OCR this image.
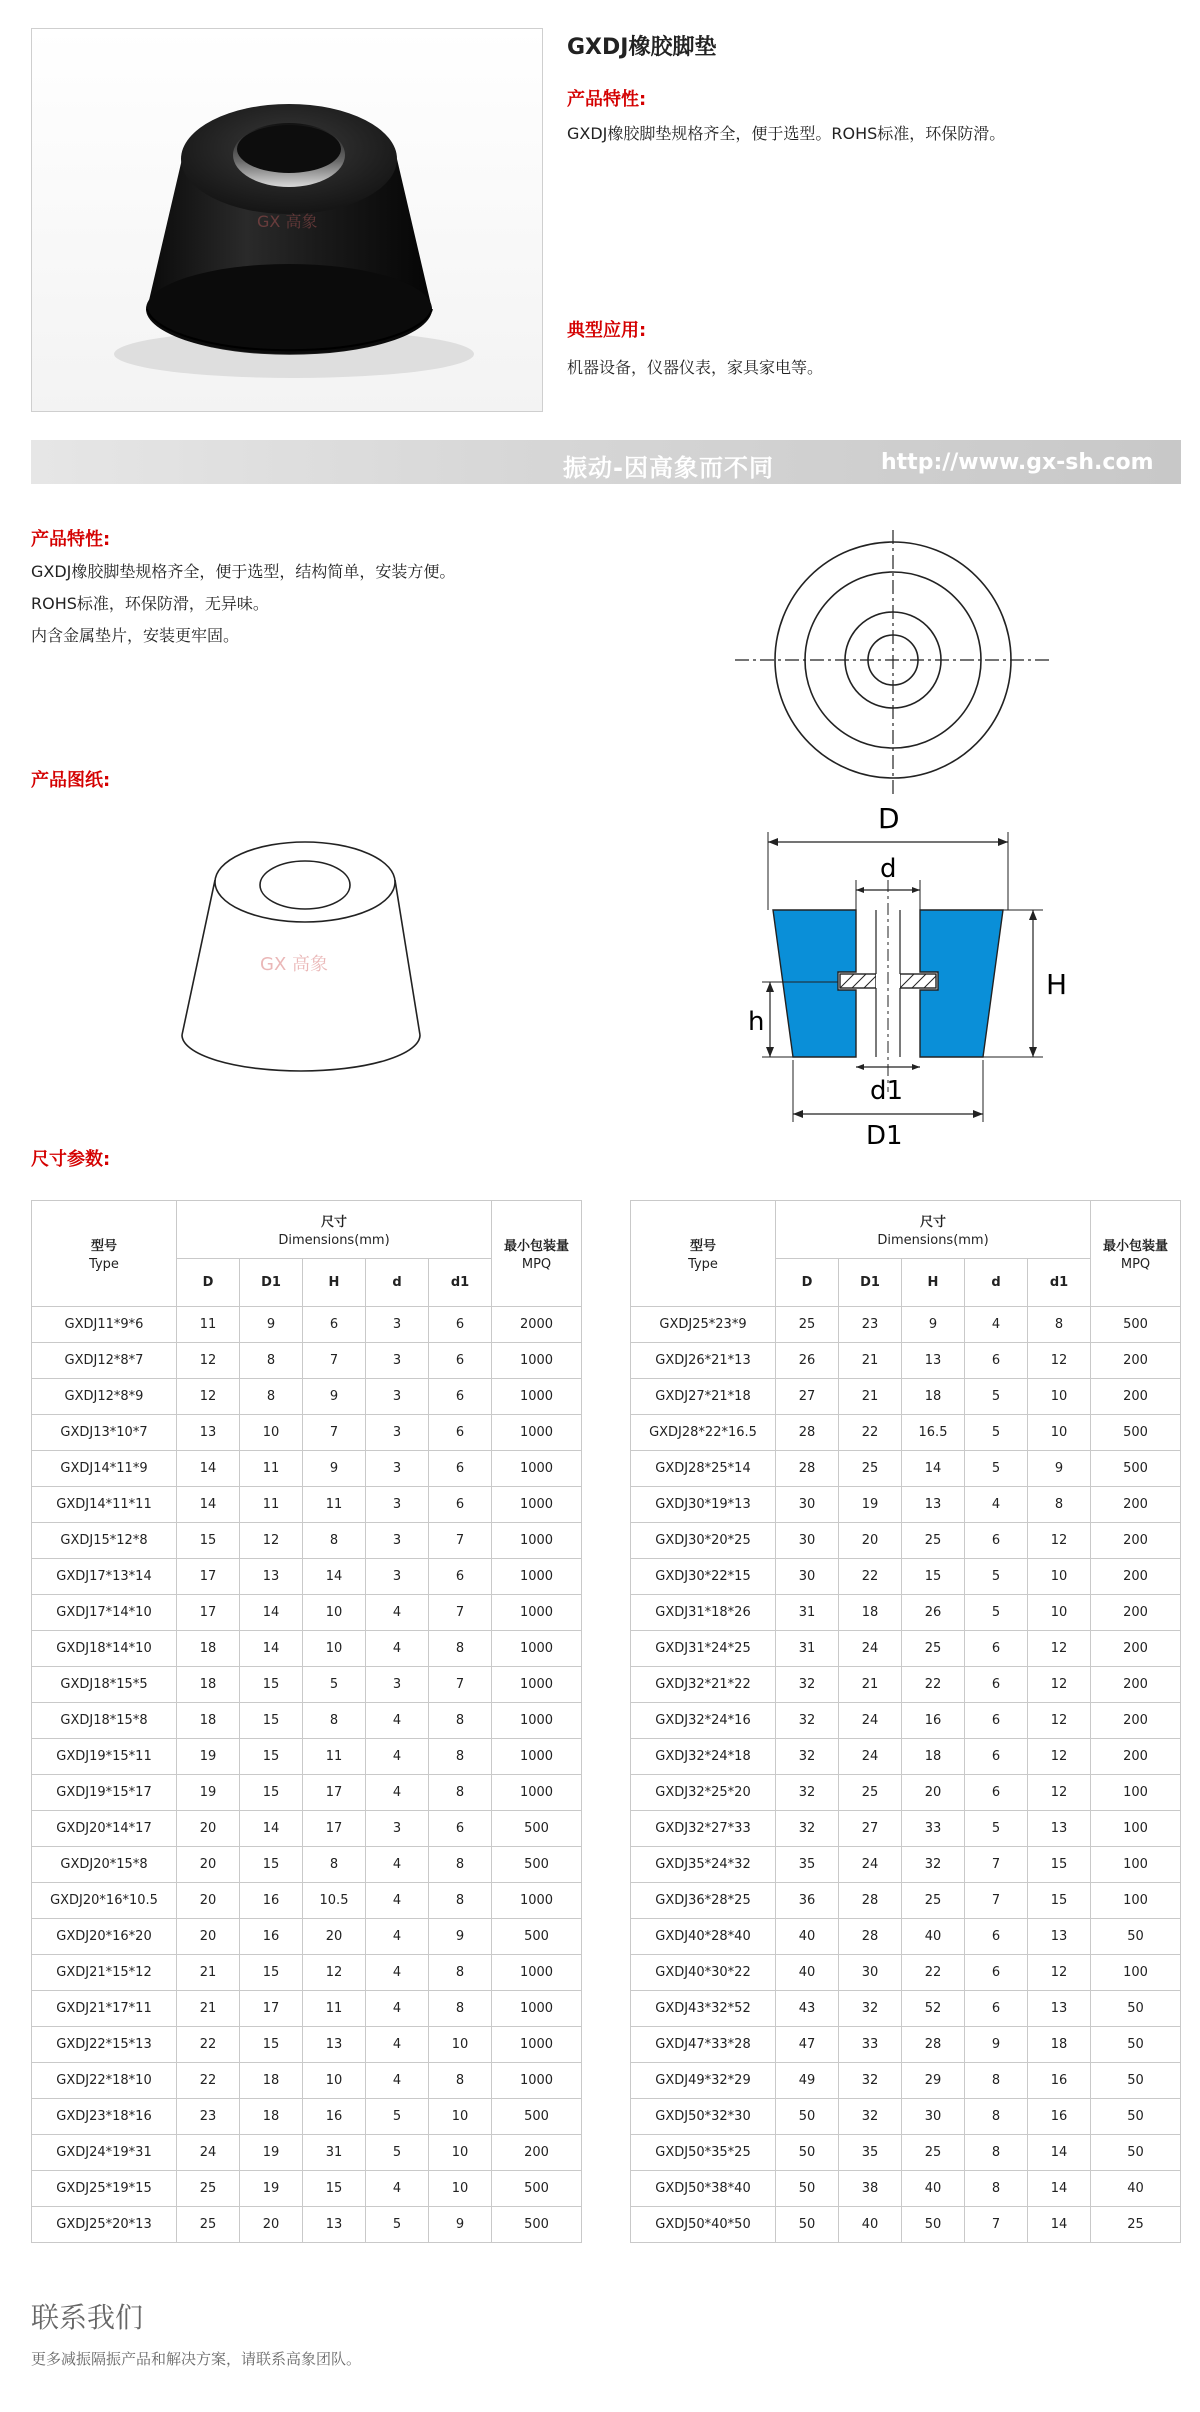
GX 高象
GXDJ橡胶脚垫
产品特性:
GXDJ橡胶脚垫规格齐全，便于选型。ROHS标准，环保防滑。
典型应用:
机器设备，仪器仪表，家具家电等。
振动-因高象而不同	http://www.gx-sh.com
产品特性:
GXDJ橡胶脚垫规格齐全，便于选型，结构简单，安装方便。
ROHS标准，环保防滑，无异味。
内含金属垫片，安装更牢固。
产品图纸:
GX 高象
D
d
H
h
d1
D1
尺寸参数:
型号
Type	尺寸
Dimensions(mm)					最小包装量
MPQ

	D	D1	H	d	d1	
GXDJ11*9*6	11	9	6	3	6	2000
GXDJ12*8*7	12	8	7	3	6	1000
GXDJ12*8*9	12	8	9	3	6	1000
GXDJ13*10*7	13	10	7	3	6	1000
GXDJ14*11*9	14	11	9	3	6	1000
GXDJ14*11*11	14	11	11	3	6	1000
GXDJ15*12*8	15	12	8	3	7	1000
GXDJ17*13*14	17	13	14	3	6	1000
GXDJ17*14*10	17	14	10	4	7	1000
GXDJ18*14*10	18	14	10	4	8	1000
GXDJ18*15*5	18	15	5	3	7	1000
GXDJ18*15*8	18	15	8	4	8	1000
GXDJ19*15*11	19	15	11	4	8	1000
GXDJ19*15*17	19	15	17	4	8	1000
GXDJ20*14*17	20	14	17	3	6	500
GXDJ20*15*8	20	15	8	4	8	500
GXDJ20*16*10.5	20	16	10.5	4	8	1000
GXDJ20*16*20	20	16	20	4	9	500
GXDJ21*15*12	21	15	12	4	8	1000
GXDJ21*17*11	21	17	11	4	8	1000
GXDJ22*15*13	22	15	13	4	10	1000
GXDJ22*18*10	22	18	10	4	8	1000
GXDJ23*18*16	23	18	16	5	10	500
GXDJ24*19*31	24	19	31	5	10	200
GXDJ25*19*15	25	19	15	4	10	500
GXDJ25*20*13	25	20	13	5	9	500
型号
Type	尺寸
Dimensions(mm)					最小包装量
MPQ

	D	D1	H	d	d1	
GXDJ25*23*9	25	23	9	4	8	500
GXDJ26*21*13	26	21	13	6	12	200
GXDJ27*21*18	27	21	18	5	10	200
GXDJ28*22*16.5	28	22	16.5	5	10	500
GXDJ28*25*14	28	25	14	5	9	500
GXDJ30*19*13	30	19	13	4	8	200
GXDJ30*20*25	30	20	25	6	12	200
GXDJ30*22*15	30	22	15	5	10	200
GXDJ31*18*26	31	18	26	5	10	200
GXDJ31*24*25	31	24	25	6	12	200
GXDJ32*21*22	32	21	22	6	12	200
GXDJ32*24*16	32	24	16	6	12	200
GXDJ32*24*18	32	24	18	6	12	200
GXDJ32*25*20	32	25	20	6	12	100
GXDJ32*27*33	32	27	33	5	13	100
GXDJ35*24*32	35	24	32	7	15	100
GXDJ36*28*25	36	28	25	7	15	100
GXDJ40*28*40	40	28	40	6	13	50
GXDJ40*30*22	40	30	22	6	12	100
GXDJ43*32*52	43	32	52	6	13	50
GXDJ47*33*28	47	33	28	9	18	50
GXDJ49*32*29	49	32	29	8	16	50
GXDJ50*32*30	50	32	30	8	16	50
GXDJ50*35*25	50	35	25	8	14	50
GXDJ50*38*40	50	38	40	8	14	40
GXDJ50*40*50	50	40	50	7	14	25
联系我们
更多减振隔振产品和解决方案，请联系高象团队。
